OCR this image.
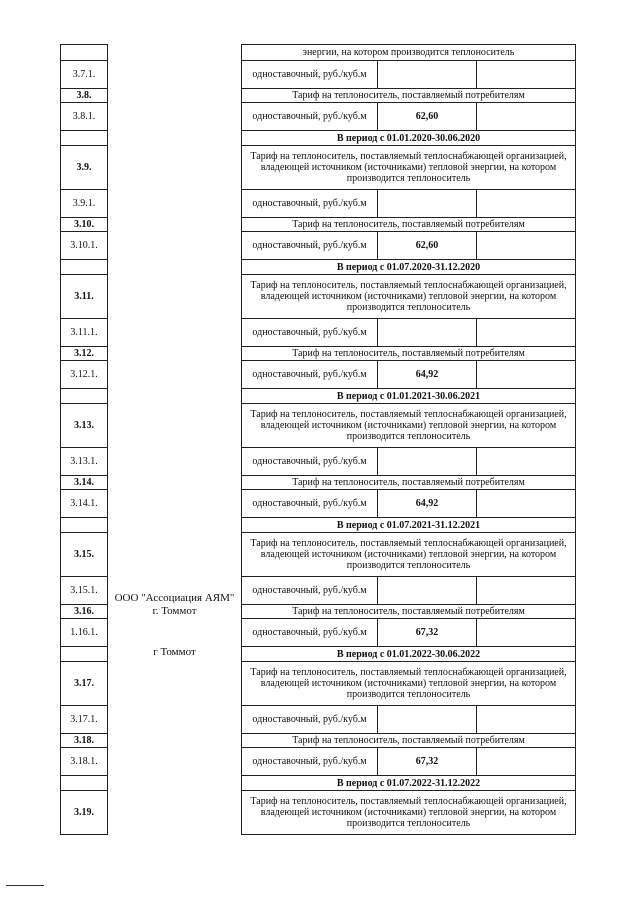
	ООО "Ассоциация АЯМ" г. Томмот
г Томмот	энергии, на котором производится теплоноситель		
3.7.1.		одноставочный, руб./куб.м		
3.8.		Тариф на теплоноситель, поставляемый потребителям		
3.8.1.		одноставочный, руб./куб.м	62,60	
		В период с 01.01.2020-30.06.2020		
3.9.		Тариф на теплоноситель, поставляемый теплоснабжающей организацией, владеющей источником (источниками) тепловой энергии, на котором производится теплоноситель		
3.9.1.		одноставочный, руб./куб.м		
3.10.		Тариф на теплоноситель, поставляемый потребителям		
3.10.1.		одноставочный, руб./куб.м	62,60	
		В период с 01.07.2020-31.12.2020		
3.11.		Тариф на теплоноситель, поставляемый теплоснабжающей организацией, владеющей источником (источниками) тепловой энергии, на котором производится теплоноситель		
3.11.1.		одноставочный, руб./куб.м		
3.12.		Тариф на теплоноситель, поставляемый потребителям		
3.12.1.		одноставочный, руб./куб.м	64,92	
		В период с 01.01.2021-30.06.2021		
3.13.		Тариф на теплоноситель, поставляемый теплоснабжающей организацией, владеющей источником (источниками) тепловой энергии, на котором производится теплоноситель		
3.13.1.		одноставочный, руб./куб.м		
3.14.		Тариф на теплоноситель, поставляемый потребителям		
3.14.1.		одноставочный, руб./куб.м	64,92	
		В период с 01.07.2021-31.12.2021		
3.15.		Тариф на теплоноситель, поставляемый теплоснабжающей организацией, владеющей источником (источниками) тепловой энергии, на котором производится теплоноситель		
3.15.1.		одноставочный, руб./куб.м		
3.16.		Тариф на теплоноситель, поставляемый потребителям		
1.16.1.		одноставочный, руб./куб.м	67,32	
		В период с 01.01.2022-30.06.2022		
3.17.		Тариф на теплоноситель, поставляемый теплоснабжающей организацией, владеющей источником (источниками) тепловой энергии, на котором производится теплоноситель		
3.17.1.		одноставочный, руб./куб.м		
3.18.		Тариф на теплоноситель, поставляемый потребителям		
3.18.1.		одноставочный, руб./куб.м	67,32	
		В период с 01.07.2022-31.12.2022		
3.19.		Тариф на теплоноситель, поставляемый теплоснабжающей организацией, владеющей источником (источниками) тепловой энергии, на котором производится теплоноситель		
